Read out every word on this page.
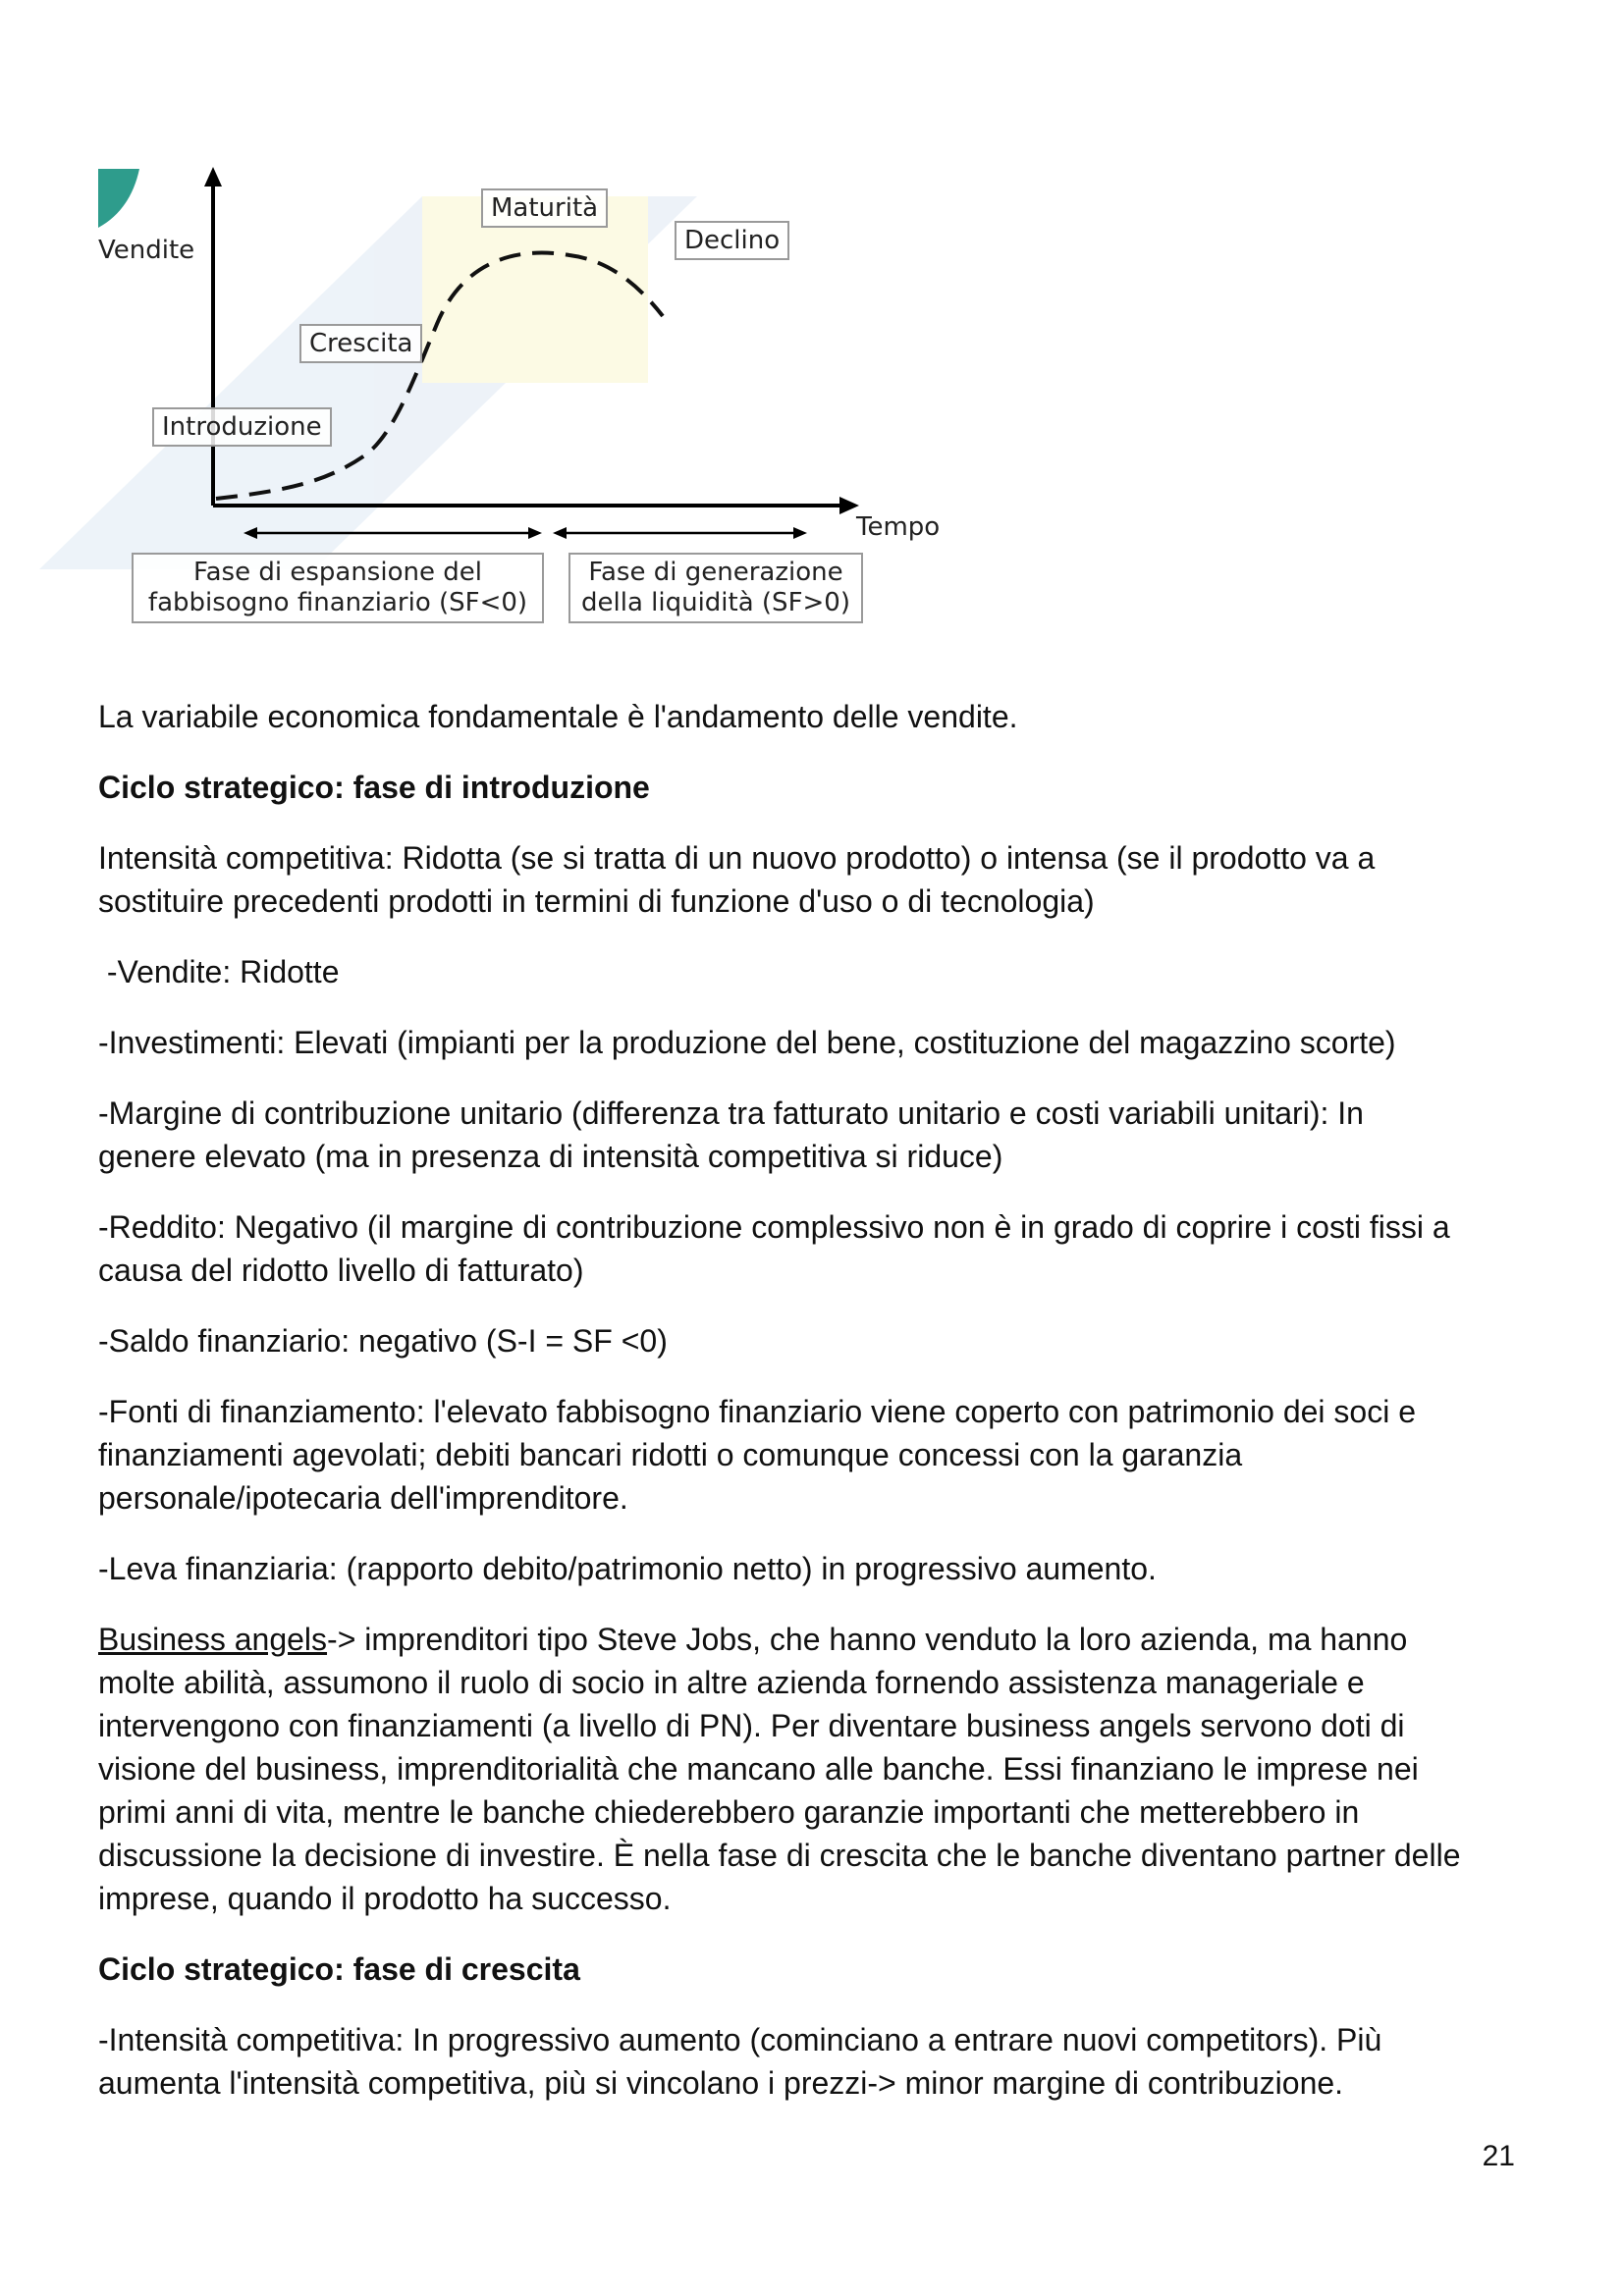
Vendite
Tempo
Introduzione
Crescita
Maturità
Declino
Fase di espansione del
fabbisogno finanziario (SF<0)
Fase di generazione
della liquidità (SF>0)

La variabile economica fondamentale è l'andamento delle vendite.

Ciclo strategico: fase di introduzione

Intensità competitiva: Ridotta (se si tratta di un nuovo prodotto) o intensa (se il prodotto va a
sostituire precedenti prodotti in termini di funzione d'uso o di tecnologia)

-Vendite: Ridotte

-Investimenti: Elevati (impianti per la produzione del bene, costituzione del magazzino scorte)

-Margine di contribuzione unitario (differenza tra fatturato unitario e costi variabili unitari): In
genere elevato (ma in presenza di intensità competitiva si riduce)

-Reddito: Negativo (il margine di contribuzione complessivo non è in grado di coprire i costi fissi a
causa del ridotto livello di fatturato)

-Saldo finanziario: negativo (S-I = SF <0)

-Fonti di finanziamento: l'elevato fabbisogno finanziario viene coperto con patrimonio dei soci e
finanziamenti agevolati; debiti bancari ridotti o comunque concessi con la garanzia
personale/ipotecaria dell'imprenditore.

-Leva finanziaria: (rapporto debito/patrimonio netto) in progressivo aumento.

Business angels-> imprenditori tipo Steve Jobs, che hanno venduto la loro azienda, ma hanno
molte abilità, assumono il ruolo di socio in altre azienda fornendo assistenza manageriale e
intervengono con finanziamenti (a livello di PN). Per diventare business angels servono doti di
visione del business, imprenditorialità che mancano alle banche. Essi finanziano le imprese nei
primi anni di vita, mentre le banche chiederebbero garanzie importanti che metterebbero in
discussione la decisione di investire. È nella fase di crescita che le banche diventano partner delle
imprese, quando il prodotto ha successo.

Ciclo strategico: fase di crescita

-Intensità competitiva: In progressivo aumento (cominciano a entrare nuovi competitors). Più
aumenta l'intensità competitiva, più si vincolano i prezzi-> minor margine di contribuzione.

21
